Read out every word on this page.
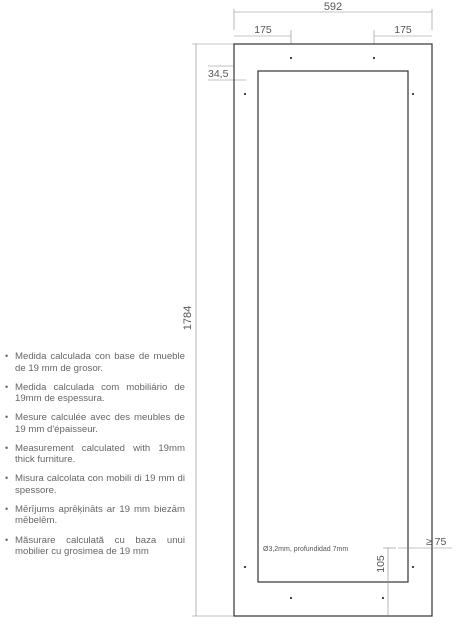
592
175	175
1784
34,5
Ø3,2mm, profundidad 7mm
105
≥ 75
• Medida calculada con base de mueble de 19 mm de grosor.
• Medida calculada com mobiliário de 19mm de espessura.
• Mesure calculée avec des meubles de 19 mm d'épaisseur.
• Measurement calculated with 19mm thick furniture.
• Misura calcolata con mobili di 19 mm di spessore.
• Mērījums aprēķināts ar 19 mm biezām mēbelēm.
• Măsurare calculată cu baza unui mobilier cu grosimea de 19 mm
